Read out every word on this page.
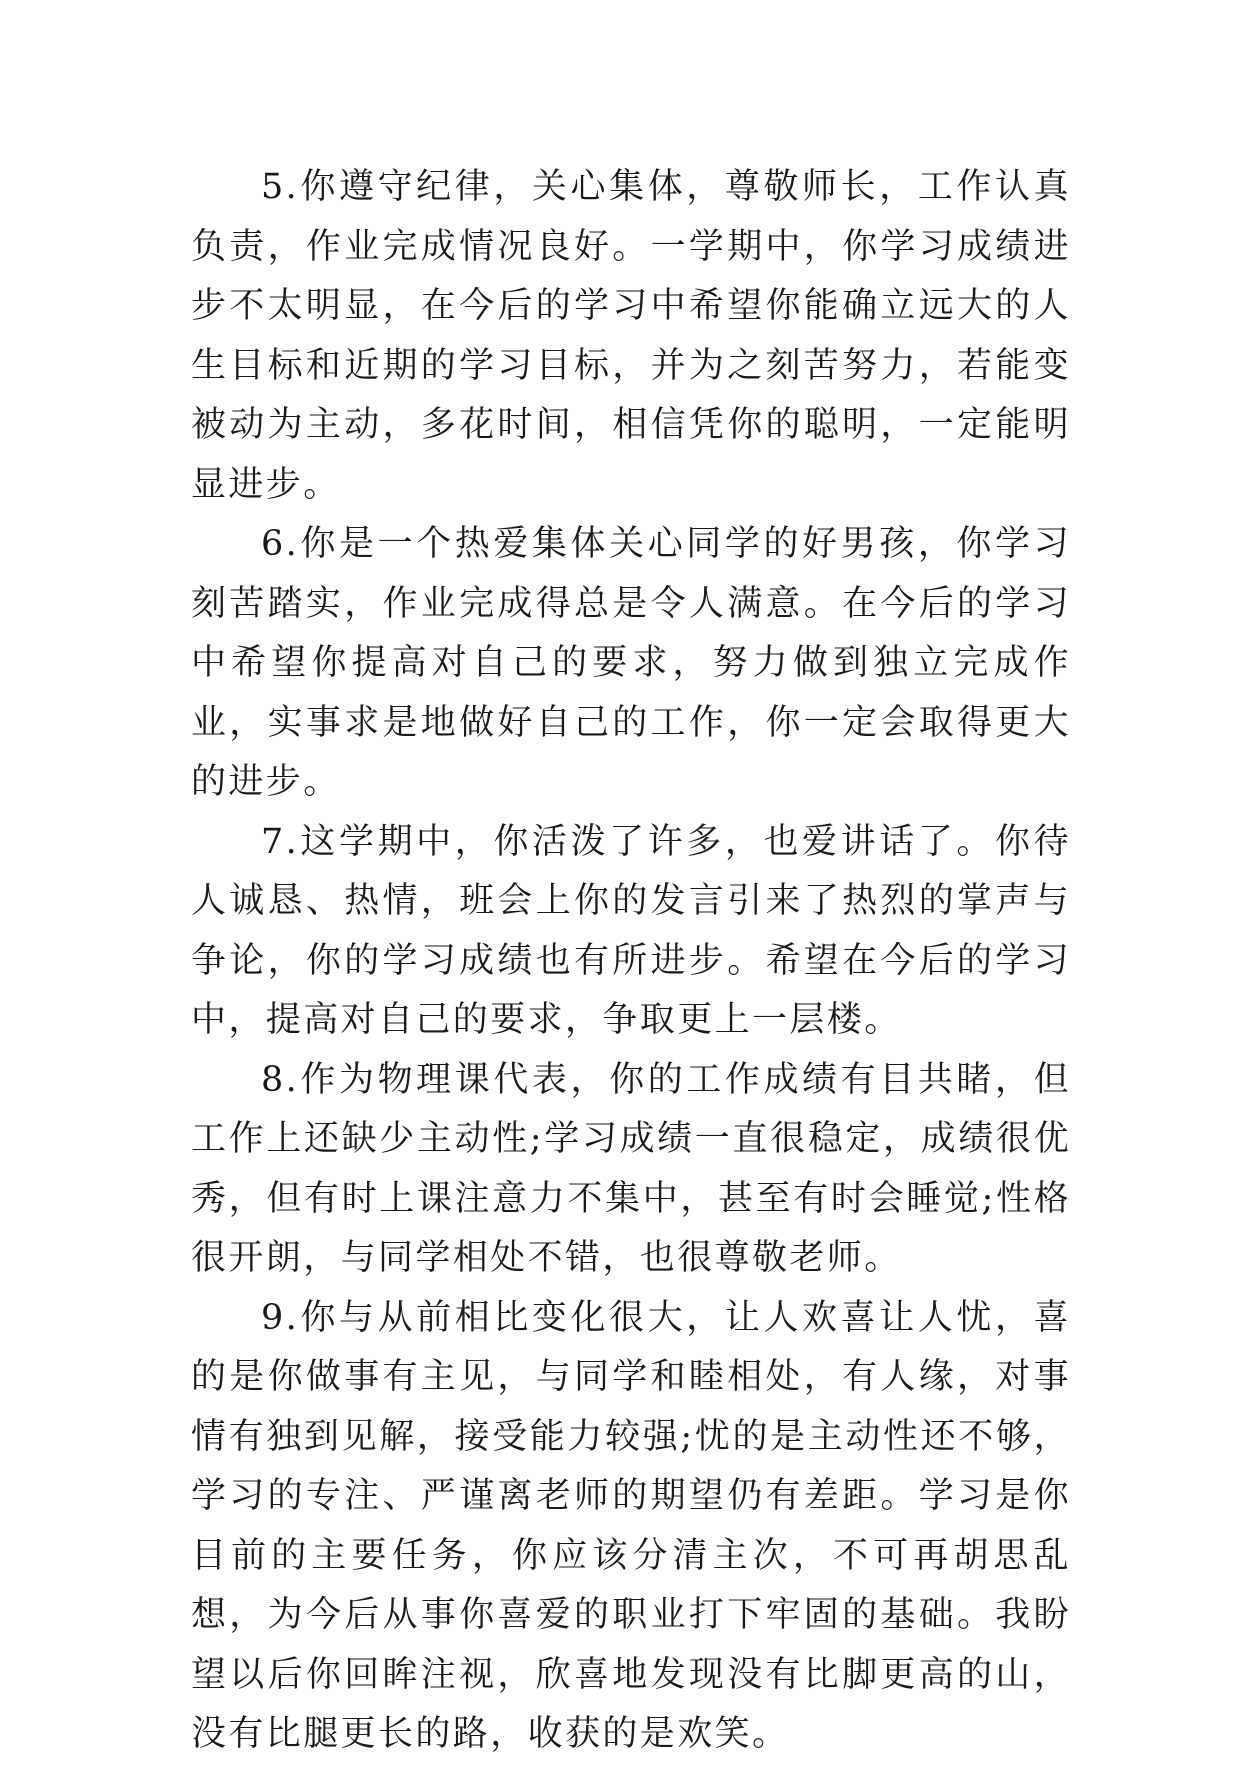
5.你遵守纪律，关心集体，尊敬师长，工作认真负责，作业完成情况良好。一学期中，你学习成绩进步不太明显，在今后的学习中希望你能确立远大的人生目标和近期的学习目标，并为之刻苦努力，若能变被动为主动，多花时间，相信凭你的聪明，一定能明显进步。

6.你是一个热爱集体关心同学的好男孩，你学习刻苦踏实，作业完成得总是令人满意。在今后的学习中希望你提高对自己的要求，努力做到独立完成作业，实事求是地做好自己的工作，你一定会取得更大的进步。

7.这学期中，你活泼了许多，也爱讲话了。你待人诚恳、热情，班会上你的发言引来了热烈的掌声与争论，你的学习成绩也有所进步。希望在今后的学习中，提高对自己的要求，争取更上一层楼。

8.作为物理课代表，你的工作成绩有目共睹，但工作上还缺少主动性;学习成绩一直很稳定，成绩很优秀，但有时上课注意力不集中，甚至有时会睡觉;性格很开朗，与同学相处不错，也很尊敬老师。

9.你与从前相比变化很大，让人欢喜让人忧，喜的是你做事有主见，与同学和睦相处，有人缘，对事情有独到见解，接受能力较强;忧的是主动性还不够，学习的专注、严谨离老师的期望仍有差距。学习是你目前的主要任务，你应该分清主次，不可再胡思乱想，为今后从事你喜爱的职业打下牢固的基础。我盼望以后你回眸注视，欣喜地发现没有比脚更高的山，没有比腿更长的路，收获的是欢笑。
